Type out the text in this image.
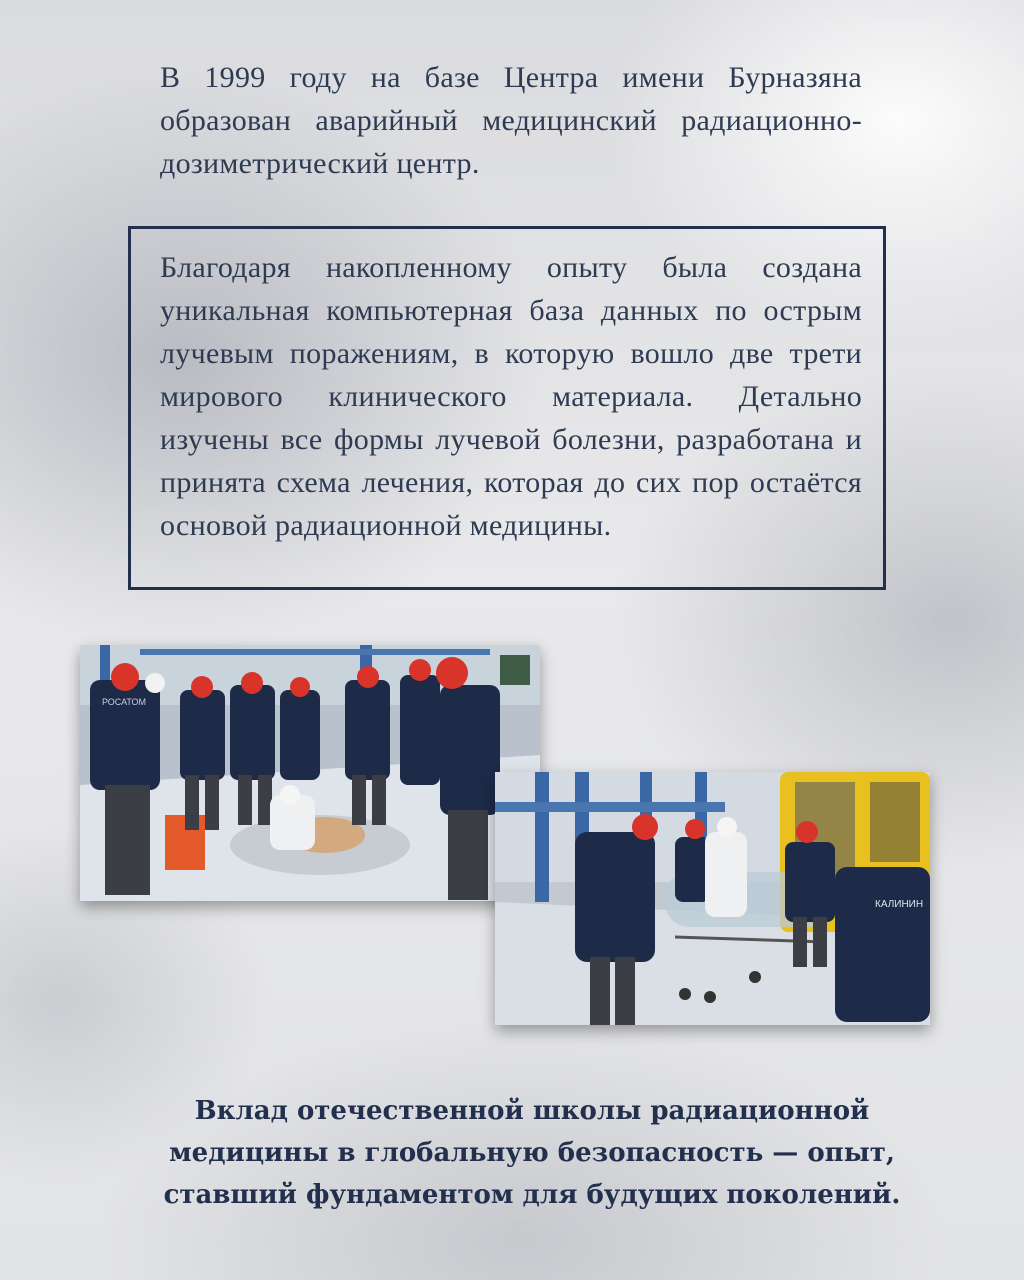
В 1999 году на базе Центра имени Бурназяна образован аварийный медицинский радиационно-дозиметрический центр.
Благодаря накопленному опыту была создана уникальная компьютерная база данных по острым лучевым поражениям, в которую вошло две трети мирового клинического материала. Детально изучены все формы лучевой болезни, разработана и принята схема лечения, которая до сих пор остаётся основой радиационной медицины.
РОСАТОМ
КАЛИНИН
Вклад отечественной школы радиационной
медицины в глобальную безопасность — опыт,
ставший фундаментом для будущих поколений.
